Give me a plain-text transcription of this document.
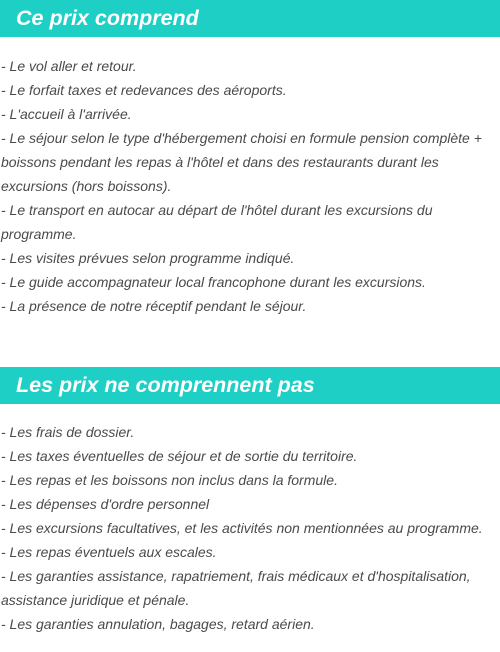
Ce prix comprend
- Le vol aller et retour.
- Le forfait taxes et redevances des aéroports.
- L'accueil à l'arrivée.
- Le séjour selon le type d'hébergement choisi en formule pension complète + boissons pendant les repas à l'hôtel et dans des restaurants durant les excursions (hors boissons).
- Le transport en autocar au départ de l'hôtel durant les excursions du programme.
- Les visites prévues selon programme indiqué.
- Le guide accompagnateur local francophone durant les excursions.
- La présence de notre réceptif pendant le séjour.
Les prix ne comprennent pas
- Les frais de dossier.
- Les taxes éventuelles de séjour et de sortie du territoire.
- Les repas et les boissons non inclus dans la formule.
- Les dépenses d'ordre personnel
- Les excursions facultatives, et les activités non mentionnées au programme.
- Les repas éventuels aux escales.
- Les garanties assistance, rapatriement, frais médicaux et d'hospitalisation, assistance juridique et pénale.
- Les garanties annulation, bagages, retard aérien.
